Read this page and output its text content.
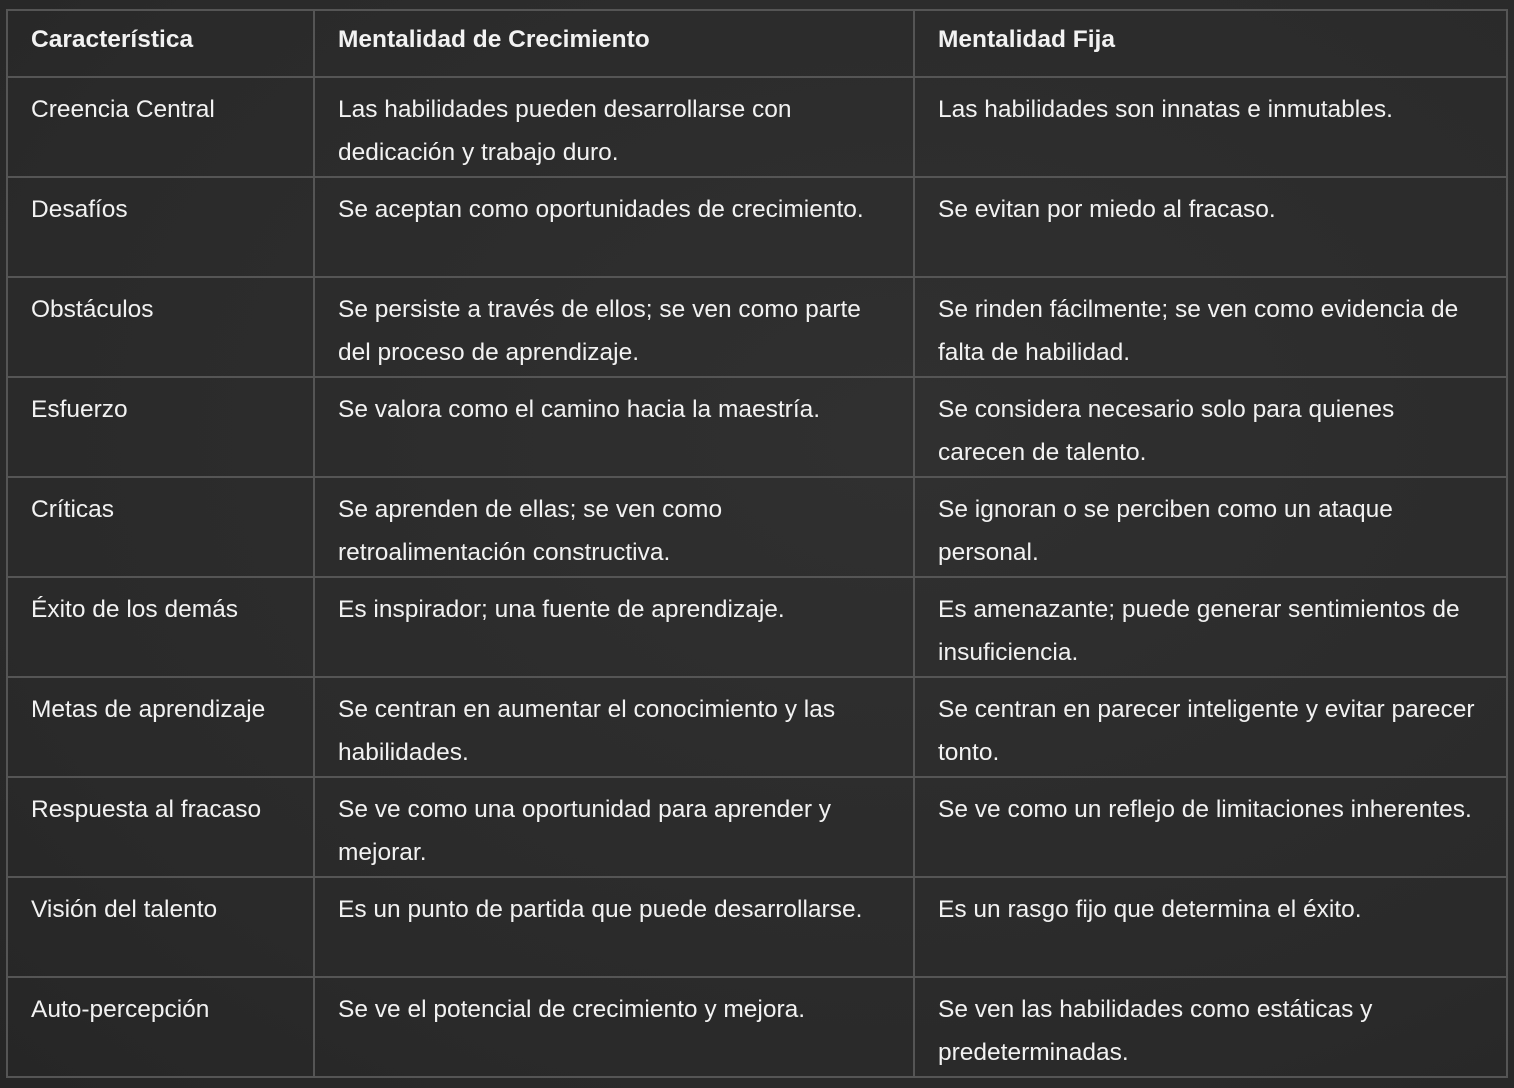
Característica	Mentalidad de Crecimiento	Mentalidad Fija
Creencia Central	Las habilidades pueden desarrollarse con dedicación y trabajo duro.	Las habilidades son innatas e inmutables.
Desafíos	Se aceptan como oportunidades de crecimiento.	Se evitan por miedo al fracaso.
Obstáculos	Se persiste a través de ellos; se ven como parte del proceso de aprendizaje.	Se rinden fácilmente; se ven como evidencia de falta de habilidad.
Esfuerzo	Se valora como el camino hacia la maestría.	Se considera necesario solo para quienes carecen de talento.
Críticas	Se aprenden de ellas; se ven como retroalimentación constructiva.	Se ignoran o se perciben como un ataque personal.
Éxito de los demás	Es inspirador; una fuente de aprendizaje.	Es amenazante; puede generar sentimientos de insuficiencia.
Metas de aprendizaje	Se centran en aumentar el conocimiento y las habilidades.	Se centran en parecer inteligente y evitar parecer tonto.
Respuesta al fracaso	Se ve como una oportunidad para aprender y mejorar.	Se ve como un reflejo de limitaciones inherentes.
Visión del talento	Es un punto de partida que puede desarrollarse.	Es un rasgo fijo que determina el éxito.
Auto-percepción	Se ve el potencial de crecimiento y mejora.	Se ven las habilidades como estáticas y predeterminadas.
